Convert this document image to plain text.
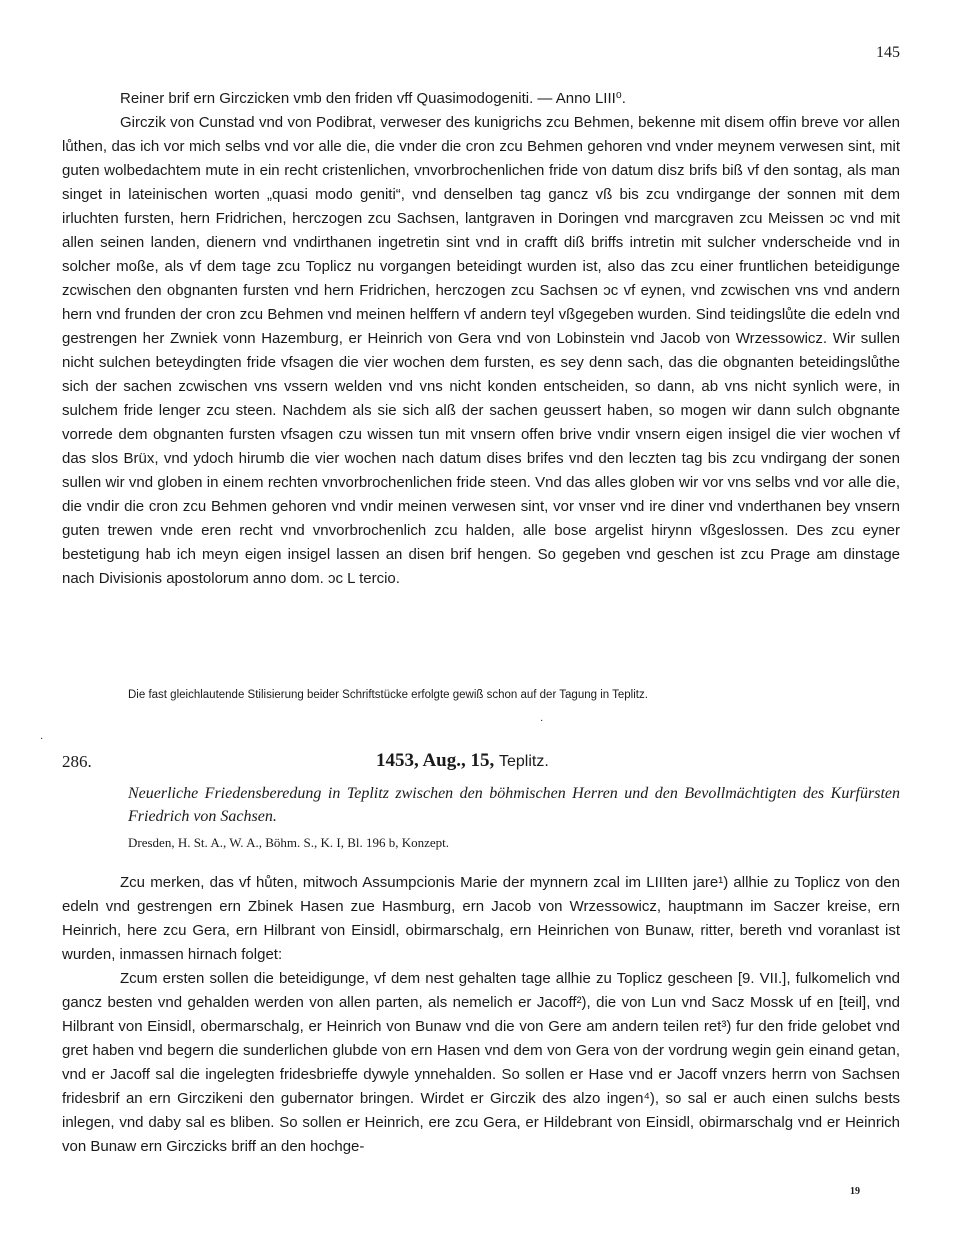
145

Reiner brif ern Girczicken vmb den friden vff Quasimodogeniti. — Anno LIII⁰.

Girczik von Cunstad vnd von Podibrat, verweser des kunigrichs zcu Behmen, bekenne mit disem offin breve vor allen lůthen, das ich vor mich selbs vnd vor alle die, die vnder die cron zcu Behmen gehoren vnd vnder meynem verwesen sint, mit guten wolbedachtem mute in ein recht cristenlichen, vnvorbrochenlichen fride von datum disz brifs biß vf den sontag, als man singet in lateinischen worten „quasi modo geniti“, vnd denselben tag gancz vß bis zcu vndirgange der sonnen mit dem irluchten fursten, hern Fridrichen, herczogen zcu Sachsen, lantgraven in Doringen vnd marcgraven zcu Meissen ɔc vnd mit allen seinen landen, dienern vnd vndirthanen ingetretin sint vnd in crafft diß briffs intretin mit sulcher vnderscheide vnd in solcher moße, als vf dem tage zcu Toplicz nu vorgangen beteidingt wurden ist, also das zcu einer fruntlichen beteidigunge zcwischen den obgnanten fursten vnd hern Fridrichen, herczogen zcu Sachsen ɔc vf eynen, vnd zcwischen vns vnd andern hern vnd frunden der cron zcu Behmen vnd meinen helffern vf andern teyl vßgegeben wurden. Sind teidingslůte die edeln vnd gestrengen her Zwniek vonn Hazemburg, er Heinrich von Gera vnd von Lobinstein vnd Jacob von Wrzessowicz. Wir sullen nicht sulchen beteydingten fride vfsagen die vier wochen dem fursten, es sey denn sach, das die obgnanten beteidingslůthe sich der sachen zcwischen vns vssern welden vnd vns nicht konden entscheiden, so dann, ab vns nicht synlich were, in sulchem fride lenger zcu steen. Nachdem als sie sich alß der sachen geussert haben, so mogen wir dann sulch obgnante vorrede dem obgnanten fursten vfsagen czu wissen tun mit vnsern offen brive vndir vnsern eigen insigel die vier wochen vf das slos Brüx, vnd ydoch hirumb die vier wochen nach datum dises brifes vnd den leczten tag bis zcu vndirgang der sonen sullen wir vnd globen in einem rechten vnvorbrochenlichen fride steen. Vnd das alles globen wir vor vns selbs vnd vor alle die, die vndir die cron zcu Behmen gehoren vnd vndir meinen verwesen sint, vor vnser vnd ire diner vnd vnderthanen bey vnsern guten trewen vnde eren recht vnd vnvorbrochenlich zcu halden, alle bose argelist hirynn vßgeslossen. Des zcu eyner bestetigung hab ich meyn eigen insigel lassen an disen brif hengen. So gegeben vnd geschen ist zcu Prage am dinstage nach Divisionis apostolorum anno dom. ɔc L tercio.

Die fast gleichlautende Stilisierung beider Schriftstücke erfolgte gewiß schon auf der Tagung in Teplitz.
·
·
286.	1453, Aug., 15, Teplitz.
Neuerliche Friedensberedung in Teplitz zwischen den böhmischen Herren und den Bevollmächtigten des Kurfürsten Friedrich von Sachsen.
Dresden, H. St. A., W. A., Böhm. S., K. I, Bl. 196 b, Konzept.

Zcu merken, das vf hůten, mitwoch Assumpcionis Marie der mynnern zcal im LIIIten jare¹) allhie zu Toplicz von den edeln vnd gestrengen ern Zbinek Hasen zue Hasmburg, ern Jacob von Wrzessowicz, hauptmann im Saczer kreise, ern Heinrich, here zcu Gera, ern Hilbrant von Einsidl, obirmarschalg, ern Heinrichen von Bunaw, ritter, bereth vnd voranlast ist wurden, inmassen hirnach folget:

Zcum ersten sollen die beteidigunge, vf dem nest gehalten tage allhie zu Toplicz gescheen [9. VII.], fulkomelich vnd gancz besten vnd gehalden werden von allen parten, als nemelich er Jacoff²), die von Lun vnd Sacz Mossk uf en [teil], vnd Hilbrant von Einsidl, obermarschalg, er Heinrich von Bunaw vnd die von Gere am andern teilen ret³) fur den fride gelobet vnd gret haben vnd begern die sunderlichen glubde von ern Hasen vnd dem von Gera von der vordrung wegin gein einand getan, vnd er Jacoff sal die ingelegten fridesbrieffe dywyle ynnehalden. So sollen er Hase vnd er Jacoff vnzers herrn von Sachsen fridesbrif an ern Girczikeni den gubernator bringen. Wirdet er Girczik des alzo ingen⁴), so sal er auch einen sulchs bests inlegen, vnd daby sal es bliben. So sollen er Heinrich, ere zcu Gera, er Hildebrant von Einsidl, obirmarschalg vnd er Heinrich von Bunaw ern Girczicks briff an den hochge-

19
